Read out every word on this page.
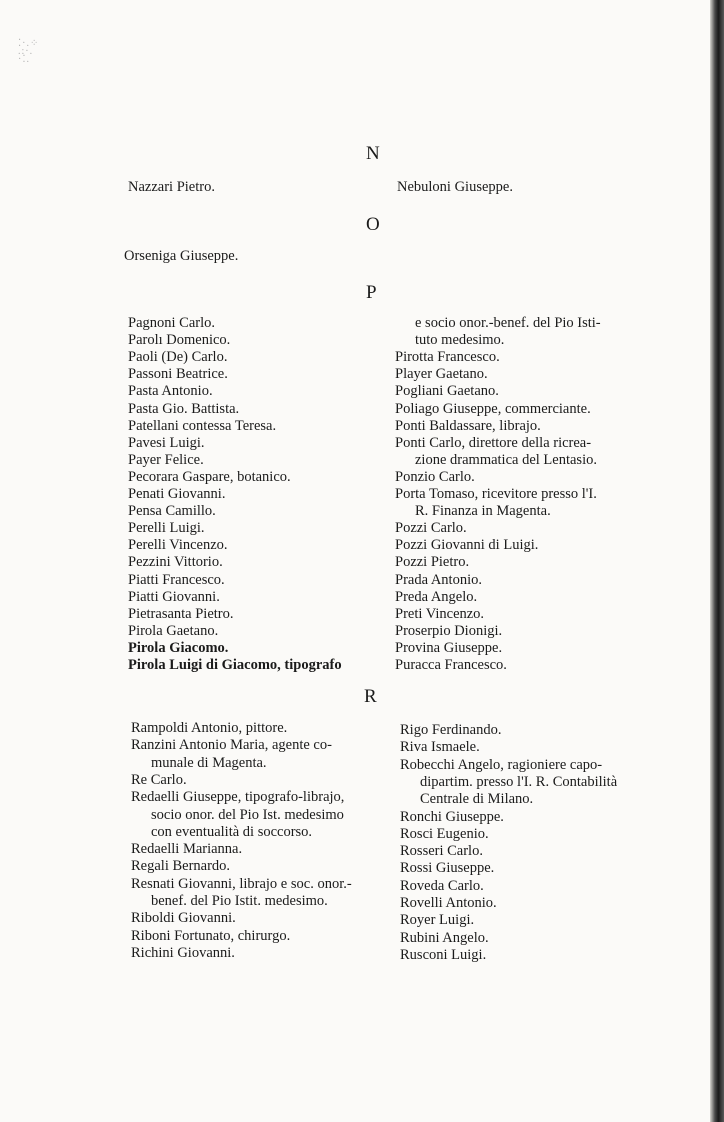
⁚·.⁘
.:·.
·⁚.
N
Nazzari Pietro.	Nebuloni Giuseppe.
O
Orseniga Giuseppe.
P
Pagnoni Carlo.
Parolı Domenico.
Paoli (De) Carlo.
Passoni Beatrice.
Pasta Antonio.
Pasta Gio. Battista.
Patellani contessa Teresa.
Pavesi Luigi.
Payer Felice.
Pecorara Gaspare, botanico.
Penati Giovanni.
Pensa Camillo.
Perelli Luigi.
Perelli Vincenzo.
Pezzini Vittorio.
Piatti Francesco.
Piatti Giovanni.
Pietrasanta Pietro.
Pirola Gaetano.
Pirola Giacomo.
Pirola Luigi di Giacomo, tipografo
e socio onor.-benef. del Pio Isti-
tuto medesimo.
Pirotta Francesco.
Player Gaetano.
Pogliani Gaetano.
Poliago Giuseppe, commerciante.
Ponti Baldassare, librajo.
Ponti Carlo, direttore della ricrea-
zione drammatica del Lentasio.
Ponzio Carlo.
Porta Tomaso, ricevitore presso l'I.
R. Finanza in Magenta.
Pozzi Carlo.
Pozzi Giovanni di Luigi.
Pozzi Pietro.
Prada Antonio.
Preda Angelo.
Preti Vincenzo.
Proserpio Dionigi.
Provina Giuseppe.
Puracca Francesco.
R
Rampoldi Antonio, pittore.
Ranzini Antonio Maria, agente co-
munale di Magenta.
Re Carlo.
Redaelli Giuseppe, tipografo-librajo,
socio onor. del Pio Ist. medesimo
con eventualità di soccorso.
Redaelli Marianna.
Regali Bernardo.
Resnati Giovanni, librajo e soc. onor.-
benef. del Pio Istit. medesimo.
Riboldi Giovanni.
Riboni Fortunato, chirurgo.
Richini Giovanni.
Rigo Ferdinando.
Riva Ismaele.
Robecchi Angelo, ragioniere capo-
dipartim. presso l'I. R. Contabilità
Centrale di Milano.
Ronchi Giuseppe.
Rosci Eugenio.
Rosseri Carlo.
Rossi Giuseppe.
Roveda Carlo.
Rovelli Antonio.
Royer Luigi.
Rubini Angelo.
Rusconi Luigi.
